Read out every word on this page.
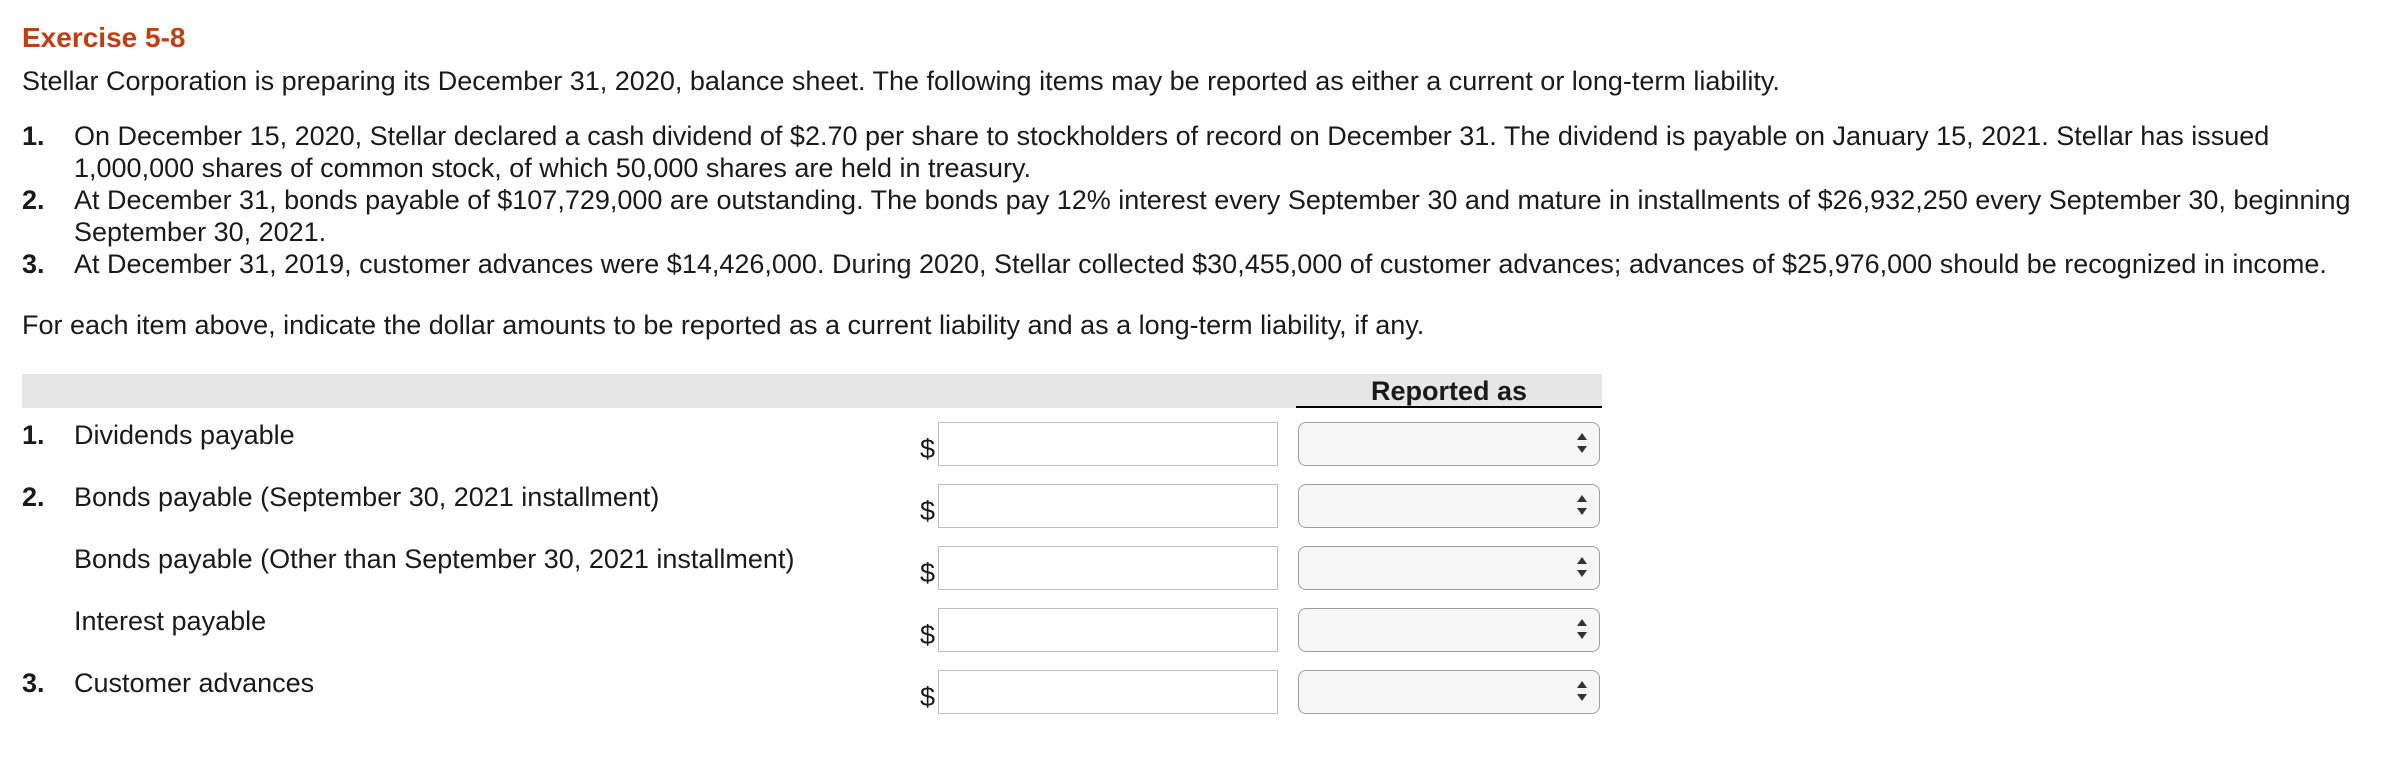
Exercise 5-8

Stellar Corporation is preparing its December 31, 2020, balance sheet. The following items may be reported as either a current or long-term liability.

1. On December 15, 2020, Stellar declared a cash dividend of $2.70 per share to stockholders of record on December 31. The dividend is payable on January 15, 2021. Stellar has issued 1,000,000 shares of common stock, of which 50,000 shares are held in treasury.
2. At December 31, bonds payable of $107,729,000 are outstanding. The bonds pay 12% interest every September 30 and mature in installments of $26,932,250 every September 30, beginning September 30, 2021.
3. At December 31, 2019, customer advances were $14,426,000. During 2020, Stellar collected $30,455,000 of customer advances; advances of $25,976,000 should be recognized in income.

For each item above, indicate the dollar amounts to be reported as a current liability and as a long-term liability, if any.

Reported as
1. Dividends payable	$
2. Bonds payable (September 30, 2021 installment)	$
Bonds payable (Other than September 30, 2021 installment)	$
Interest payable	$
3. Customer advances	$
